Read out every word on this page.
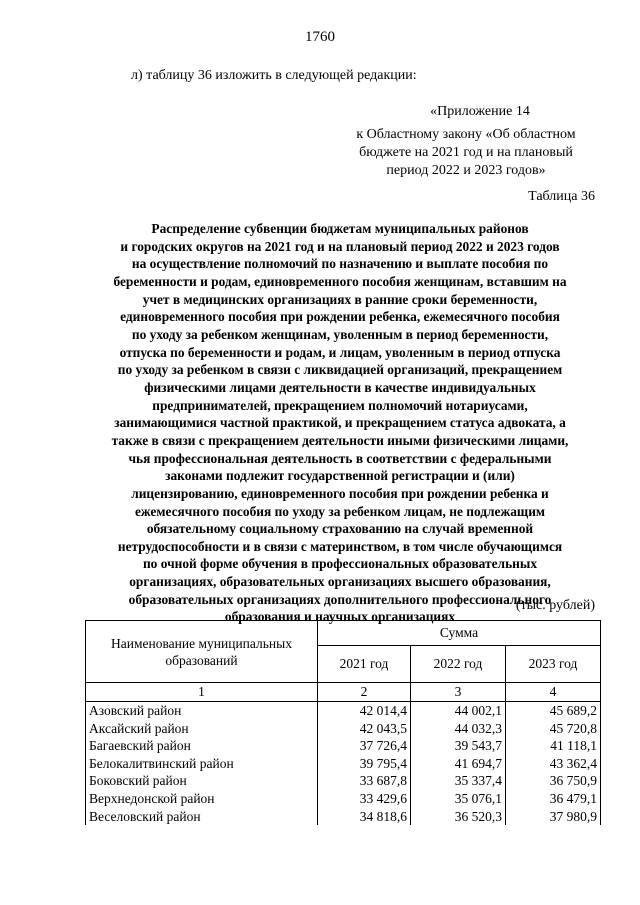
1760
л) таблицу 36 изложить в следующей редакции:
«Приложение 14
к Областному закону «Об областном
бюджете на 2021 год и на плановый
период 2022 и 2023 годов»
Таблица 36
Распределение субвенции бюджетам муниципальных районов
и городских округов на 2021 год и на плановый период 2022 и 2023 годов
на осуществление полномочий по назначению и выплате пособия по
беременности и родам, единовременного пособия женщинам, вставшим на
учет в медицинских организациях в ранние сроки беременности,
единовременного пособия при рождении ребенка, ежемесячного пособия
по уходу за ребенком женщинам, уволенным в период беременности,
отпуска по беременности и родам, и лицам, уволенным в период отпуска
по уходу за ребенком в связи с ликвидацией организаций, прекращением
физическими лицами деятельности в качестве индивидуальных
предпринимателей, прекращением полномочий нотариусами,
занимающимися частной практикой, и прекращением статуса адвоката, а
также в связи с прекращением деятельности иными физическими лицами,
чья профессиональная деятельность в соответствии с федеральными
законами подлежит государственной регистрации и (или)
лицензированию, единовременного пособия при рождении ребенка и
ежемесячного пособия по уходу за ребенком лицам, не подлежащим
обязательному социальному страхованию на случай временной
нетрудоспособности и в связи с материнством, в том числе обучающимся
по очной форме обучения в профессиональных образовательных
организациях, образовательных организациях высшего образования,
образовательных организациях дополнительного профессионального
образования и научных организациях
(тыс. рублей)
Наименование муниципальных
образований	Сумма		
	2021 год	2022 год	2023 год
1	2	3	4
Азовский район	42 014,4	44 002,1	45 689,2
Аксайский район	42 043,5	44 032,3	45 720,8
Багаевский район	37 726,4	39 543,7	41 118,1
Белокалитвинский район	39 795,4	41 694,7	43 362,4
Боковский район	33 687,8	35 337,4	36 750,9
Верхнедонской район	33 429,6	35 076,1	36 479,1
Веселовский район	34 818,6	36 520,3	37 980,9
